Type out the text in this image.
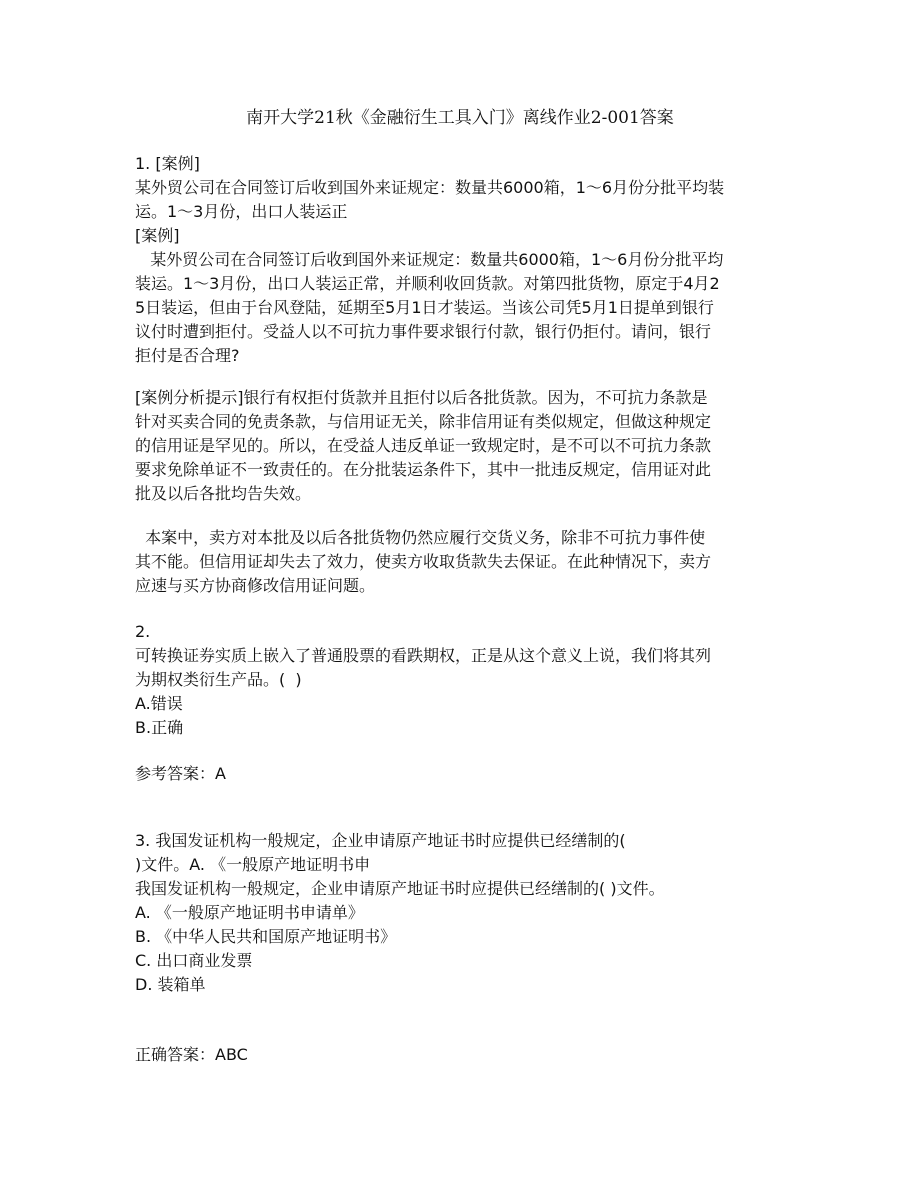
南开大学21秋《金融衍生工具入门》离线作业2-001答案
1. [案例]
某外贸公司在合同签订后收到国外来证规定：数量共6000箱，1～6月份分批平均装
运。1～3月份，出口人装运正
[案例]
某外贸公司在合同签订后收到国外来证规定：数量共6000箱，1～6月份分批平均
装运。1～3月份，出口人装运正常，并顺利收回货款。对第四批货物，原定于4月2
5日装运，但由于台风登陆，延期至5月1日才装运。当该公司凭5月1日提单到银行
议付时遭到拒付。受益人以不可抗力事件要求银行付款，银行仍拒付。请问，银行
拒付是否合理?
[案例分析提示]银行有权拒付货款并且拒付以后各批货款。因为，不可抗力条款是
针对买卖合同的免责条款，与信用证无关，除非信用证有类似规定，但做这种规定
的信用证是罕见的。所以，在受益人违反单证一致规定时，是不可以不可抗力条款
要求免除单证不一致责任的。在分批装运条件下，其中一批违反规定，信用证对此
批及以后各批均告失效。
本案中，卖方对本批及以后各批货物仍然应履行交货义务，除非不可抗力事件使
其不能。但信用证却失去了效力，使卖方收取货款失去保证。在此种情况下，卖方
应速与买方协商修改信用证问题。
2.
可转换证券实质上嵌入了普通股票的看跌期权，正是从这个意义上说，我们将其列
为期权类衍生产品。(  )
A.错误
B.正确
参考答案：A
3. 我国发证机构一般规定，企业申请原产地证书时应提供已经缮制的(
)文件。A. 《一般原产地证明书申
我国发证机构一般规定，企业申请原产地证书时应提供已经缮制的( )文件。
A. 《一般原产地证明书申请单》
B. 《中华人民共和国原产地证明书》
C. 出口商业发票
D. 装箱单
正确答案：ABC
